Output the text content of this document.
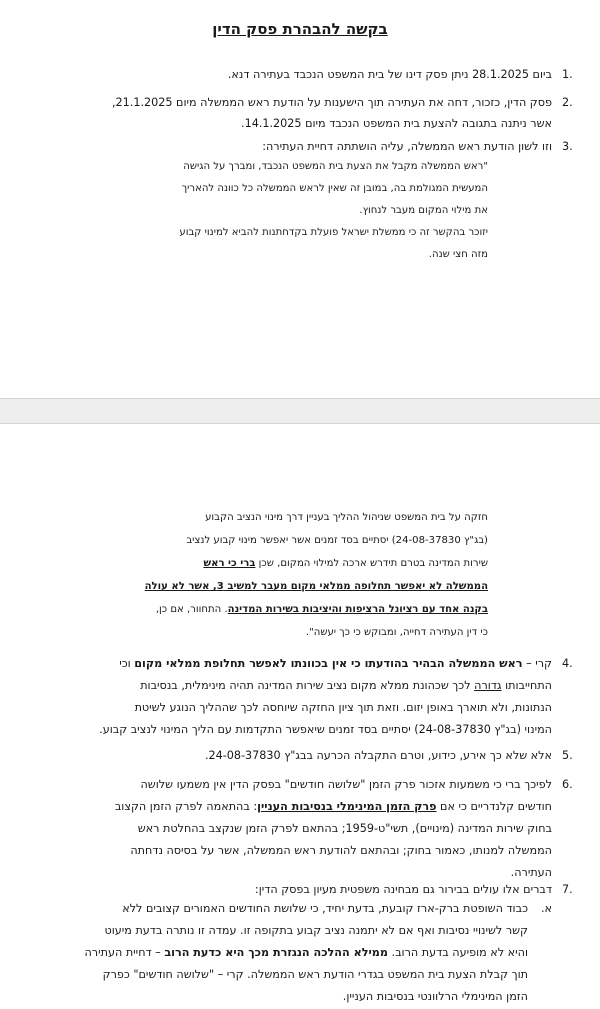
בקשה להבהרת פסק הדין
1.
ביום 28.1.2025 ניתן פסק דינו של בית המשפט הנכבד בעתירה דנא.
2.
פסק הדין, כזכור, דחה את העתירה תוך הישענות על הודעת ראש הממשלה מיום 21.1.2025,
אשר ניתנה בתגובה להצעת בית המשפט הנכבד מיום 14.1.2025.
3.
וזו לשון הודעת ראש הממשלה, עליה הושתתה דחיית העתירה:
"ראש הממשלה מקבל את הצעת בית המשפט הנכבד, ומברך על הגישה
המעשית המגולמת בה, במובן זה שאין לראש הממשלה כל כוונה להאריך
את מילוי המקום מעבר לנחוץ.
יזוכר בהקשר זה כי ממשלת ישראל פועלת בקדחתנות להביא למינוי קבוע
מזה חצי שנה.
חזקה על בית המשפט שניהול ההליך בעניין דרך מינוי הנציב הקבוע
(בג"ץ 24-08-37830) יסתיים בסד זמנים אשר יאפשר מינוי קבוע לנציב
שירות המדינה בטרם תידרש ארכה למילוי המקום, שכן ברי כי ראש
הממשלה לא יאפשר תחלופה ממלאי מקום מעבר למשיב 3, אשר לא עולה
בקנה אחד עם רציונל הרציפות והיציבות בשירות המדינה. התחוור, אם כן,
כי דין העתירה דחייה, ומבוקש כי כך יעשה".
4.
קרי – ראש הממשלה הבהיר בהודעתו כי אין בכוונתו לאפשר תחלופת ממלאי מקום וכי
התחייבותו גדורה לכך שכהונת ממלא מקום נציב שירות המדינה תהיה מינימלית, בנסיבות
הנתונות, ולא תוארך באופן יזום. וזאת תוך ציון החזקה שיוחסה לכך שההליך הנוגע לשיטת
המינוי (בג"ץ 24-08-37830) יסתיים בסד זמנים שיאפשר התקדמות עם הליך המינוי לנציב קבוע.
5.
אלא שלא כך אירע, כידוע, וטרם התקבלה הכרעה בבג"ץ 24-08-37830.
6.
לפיכך ברי כי משמעות אזכור פרק הזמן "שלושה חודשים" בפסק הדין אין משמעו שלושה
חודשים קלנדריים כי אם פרק הזמן המינימלי בנסיבות העניין: בהתאמה לפרק הזמן הקצוב
בחוק שירות המדינה (מינויים), תשי"ט-1959; בהתאם לפרק הזמן שנקצב בהחלטת ראש
הממשלה למנותו, כאמור בחוק; ובהתאם להודעת ראש הממשלה, אשר על בסיסה נדחתה
העתירה.
7.
דברים אלו עולים בבירור גם מבחינה משפטית מעיון בפסק הדין:
א.
כבוד השופטת ברק-ארז קובעת, בדעת יחיד, כי שלושת החודשים האמורים קצובים ללא
קשר לשינויי נסיבות ואף אם לא יתמנה נציב קבוע בתקופה זו. עמדה זו נותרה בדעת מיעוט
והיא לא מופיעה בדעת הרוב. ממילא ההלכה הנגזרת מכך היא כדעת הרוב – דחיית העתירה
תוך קבלת הצעת בית המשפט בגדרי הודעת ראש הממשלה. קרי – "שלושה חודשים" כפרק
הזמן המינימלי הרלוונטי בנסיבות העניין.
